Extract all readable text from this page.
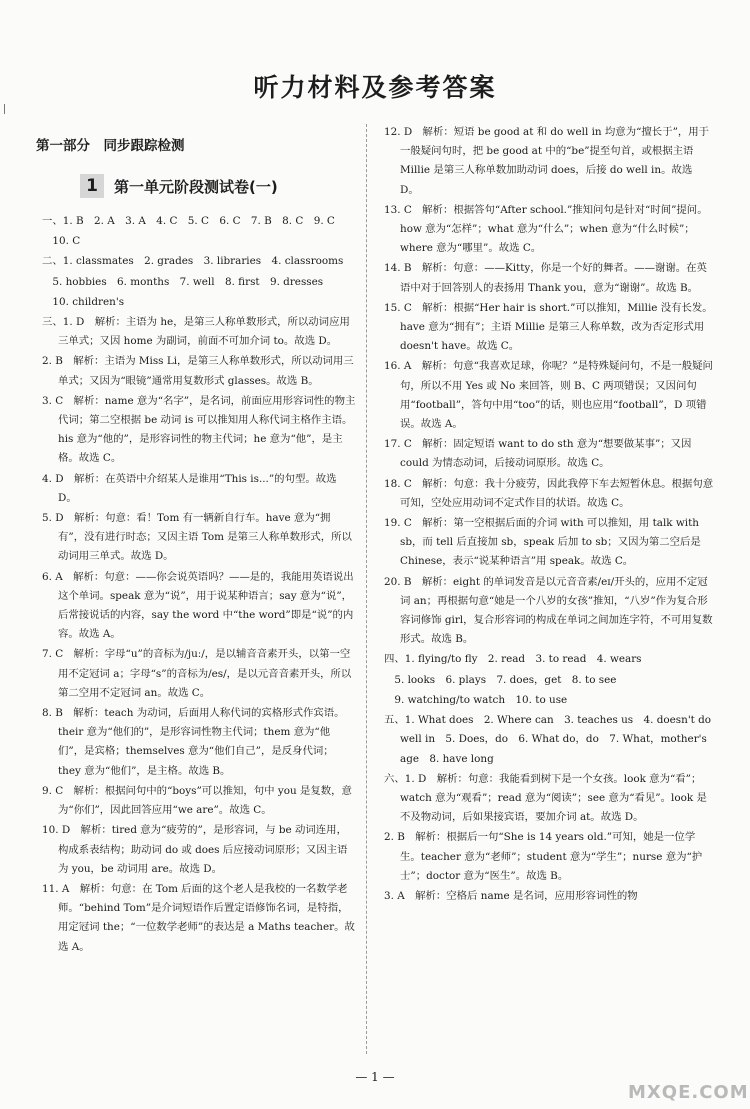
听力材料及参考答案
第一部分　同步跟踪检测
1	第一单元阶段测试卷(一)
一、1. B　2. A　3. A　4. C　5. C　6. C　7. B　8. C　9. C
　10. C
二、1. classmates　2. grades　3. libraries　4. classrooms
　5. hobbies　6. months　7. well　8. first　9. dresses
　10. children's
三、1. D　解析：主语为 he，是第三人称单数形式，所以动词应用三单式；又因 home 为副词，前面不可加介词 to。故选 D。
2. B　解析：主语为 Miss Li，是第三人称单数形式，所以动词用三单式；又因为“眼镜”通常用复数形式 glasses。故选 B。
3. C　解析：name 意为“名字”，是名词，前面应用形容词性的物主代词；第二空根据 be 动词 is 可以推知用人称代词主格作主语。his 意为“他的”，是形容词性的物主代词；he 意为“他”，是主格。故选 C。
4. D　解析：在英语中介绍某人是谁用“This is...”的句型。故选 D。
5. D　解析：句意：看！Tom 有一辆新自行车。have 意为“拥有”，没有进行时态；又因主语 Tom 是第三人称单数形式，所以动词用三单式。故选 D。
6. A　解析：句意：——你会说英语吗？——是的，我能用英语说出这个单词。speak 意为“说”，用于说某种语言；say 意为“说”，后常接说话的内容，say the word 中“the word”即是“说”的内容。故选 A。
7. C　解析：字母“u”的音标为/juː/，是以辅音音素开头，以第一空用不定冠词 a；字母“s”的音标为/es/，是以元音音素开头，所以第二空用不定冠词 an。故选 C。
8. B　解析：teach 为动词，后面用人称代词的宾格形式作宾语。their 意为“他们的”，是形容词性物主代词；them 意为“他们”，是宾格；themselves 意为“他们自己”，是反身代词；they 意为“他们”，是主格。故选 B。
9. C　解析：根据问句中的“boys”可以推知，句中 you 是复数，意为“你们”，因此回答应用“we are”。故选 C。
10. D　解析：tired 意为“疲劳的”，是形容词，与 be 动词连用，构成系表结构；助动词 do 或 does 后应接动词原形；又因主语为 you，be 动词用 are。故选 D。
11. A　解析：句意：在 Tom 后面的这个老人是我校的一名数学老师。“behind Tom”是介词短语作后置定语修饰名词，是特指，用定冠词 the；“一位数学老师”的表达是 a Maths teacher。故选 A。
12. D　解析：短语 be good at 和 do well in 均意为“擅长于”，用于一般疑问句时，把 be good at 中的“be”提至句首，或根据主语 Millie 是第三人称单数加助动词 does，后接 do well in。故选 D。
13. C　解析：根据答句“After school.”推知问句是针对“时间”提问。how 意为“怎样”；what 意为“什么”；when 意为“什么时候”；where 意为“哪里”。故选 C。
14. B　解析：句意：——Kitty，你是一个好的舞者。——谢谢。在英语中对于回答别人的表扬用 Thank you，意为“谢谢”。故选 B。
15. C　解析：根据“Her hair is short.”可以推知，Millie 没有长发。have 意为“拥有”；主语 Millie 是第三人称单数，改为否定形式用 doesn't have。故选 C。
16. A　解析：句意“我喜欢足球，你呢？”是特殊疑问句，不是一般疑问句，所以不用 Yes 或 No 来回答，则 B、C 两项错误；又因问句用“football”，答句中用“too”的话，则也应用“football”，D 项错误。故选 A。
17. C　解析：固定短语 want to do sth 意为“想要做某事”；又因 could 为情态动词，后接动词原形。故选 C。
18. C　解析：句意：我十分疲劳，因此我停下车去短暂休息。根据句意可知，空处应用动词不定式作目的状语。故选 C。
19. C　解析：第一空根据后面的介词 with 可以推知，用 talk with sb，而 tell 后直接加 sb，speak 后加 to sb；又因为第二空后是 Chinese，表示“说某种语言”用 speak。故选 C。
20. B　解析：eight 的单词发音是以元音音素/eɪ/开头的，应用不定冠词 an；再根据句意“她是一个八岁的女孩”推知，“八岁”作为复合形容词修饰 girl，复合形容词的构成在单词之间加连字符，不可用复数形式。故选 B。
四、1. flying/to fly　2. read　3. to read　4. wears
　5. looks　6. plays　7. does，get　8. to see
　9. watching/to watch　10. to use
五、1. What does　2. Where can　3. teaches us　4. doesn't do well in　5. Does，do　6. What do，do　7. What，mother's age　8. have long
六、1. D　解析：句意：我能看到树下是一个女孩。look 意为“看”；watch 意为“观看”；read 意为“阅读”；see 意为“看见”。look 是不及物动词，后如果接宾语，要加介词 at。故选 D。
2. B　解析：根据后一句“She is 14 years old.”可知，她是一位学生。teacher 意为“老师”；student 意为“学生”；nurse 意为“护士”；doctor 意为“医生”。故选 B。
3. A　解析：空格后 name 是名词，应用形容词性的物
— 1 —
MXQE.COM
